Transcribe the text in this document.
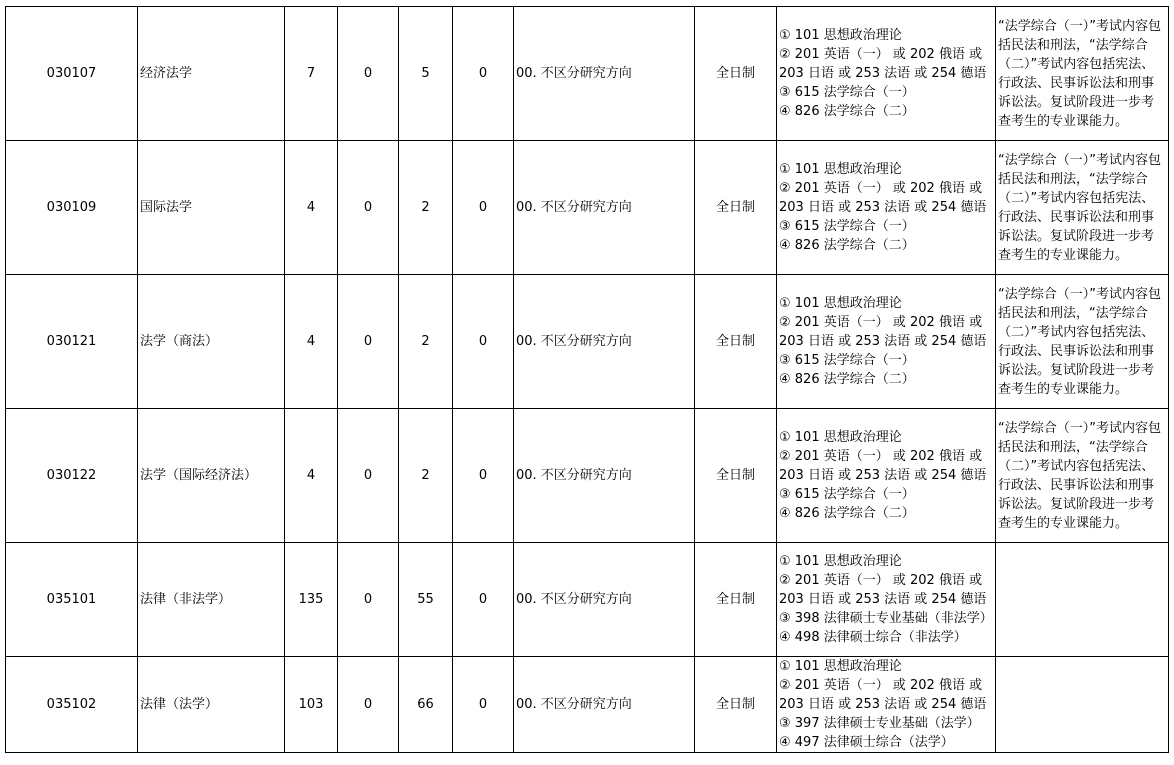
030107	经济法学	7	0	5	0	00. 不区分研究方向	全日制	① 101 思想政治理论
② 201 英语（一） 或 202 俄语 或 203 日语 或 253 法语 或 254 德语
③ 615 法学综合（一）
④ 826 法学综合（二）	“法学综合（一）”考试内容包括民法和刑法，“法学综合（二）”考试内容包括宪法、行政法、民事诉讼法和刑事诉讼法。复试阶段进一步考查考生的专业课能力。
030109	国际法学	4	0	2	0	00. 不区分研究方向	全日制	① 101 思想政治理论
② 201 英语（一） 或 202 俄语 或 203 日语 或 253 法语 或 254 德语
③ 615 法学综合（一）
④ 826 法学综合（二）	“法学综合（一）”考试内容包括民法和刑法，“法学综合（二）”考试内容包括宪法、行政法、民事诉讼法和刑事诉讼法。复试阶段进一步考查考生的专业课能力。
030121	法学（商法）	4	0	2	0	00. 不区分研究方向	全日制	① 101 思想政治理论
② 201 英语（一） 或 202 俄语 或 203 日语 或 253 法语 或 254 德语
③ 615 法学综合（一）
④ 826 法学综合（二）	“法学综合（一）”考试内容包括民法和刑法，“法学综合（二）”考试内容包括宪法、行政法、民事诉讼法和刑事诉讼法。复试阶段进一步考查考生的专业课能力。
030122	法学（国际经济法）	4	0	2	0	00. 不区分研究方向	全日制	① 101 思想政治理论
② 201 英语（一） 或 202 俄语 或 203 日语 或 253 法语 或 254 德语
③ 615 法学综合（一）
④ 826 法学综合（二）	“法学综合（一）”考试内容包括民法和刑法，“法学综合（二）”考试内容包括宪法、行政法、民事诉讼法和刑事诉讼法。复试阶段进一步考查考生的专业课能力。
035101	法律（非法学）	135	0	55	0	00. 不区分研究方向	全日制	① 101 思想政治理论
② 201 英语（一） 或 202 俄语 或 203 日语 或 253 法语 或 254 德语
③ 398 法律硕士专业基础（非法学）
④ 498 法律硕士综合（非法学）	
035102	法律（法学）	103	0	66	0	00. 不区分研究方向	全日制	① 101 思想政治理论
② 201 英语（一） 或 202 俄语 或 203 日语 或 253 法语 或 254 德语
③ 397 法律硕士专业基础（法学）
④ 497 法律硕士综合（法学）	
